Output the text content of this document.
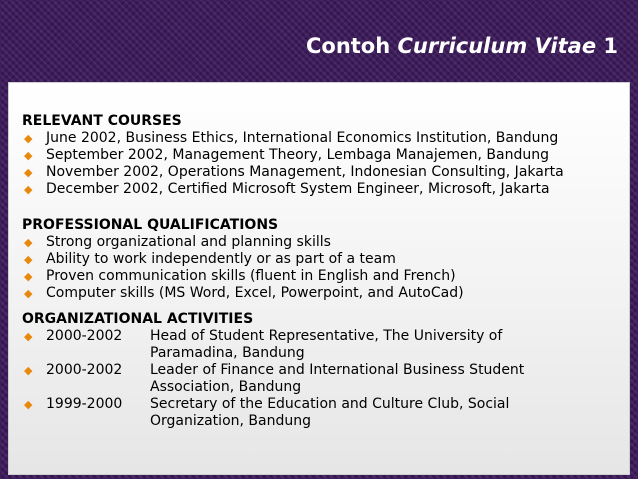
Contoh Curriculum Vitae 1

RELEVANT COURSES

◆ June 2002, Business Ethics, International Economics Institution, Bandung
◆ September 2002, Management Theory, Lembaga Manajemen, Bandung
◆ November 2002, Operations Management, Indonesian Consulting, Jakarta
◆ December 2002, Certified Microsoft System Engineer, Microsoft, Jakarta

PROFESSIONAL QUALIFICATIONS

◆ Strong organizational and planning skills
◆ Ability to work independently or as part of a team
◆ Proven communication skills (fluent in English and French)
◆ Computer skills (MS Word, Excel, Powerpoint, and AutoCad)

ORGANIZATIONAL ACTIVITIES

◆ 2000-2002	Head of Student Representative, The University of Paramadina, Bandung
◆ 2000-2002	Leader of Finance and International Business Student Association, Bandung
◆ 1999-2000	Secretary of the Education and Culture Club, Social Organization, Bandung
